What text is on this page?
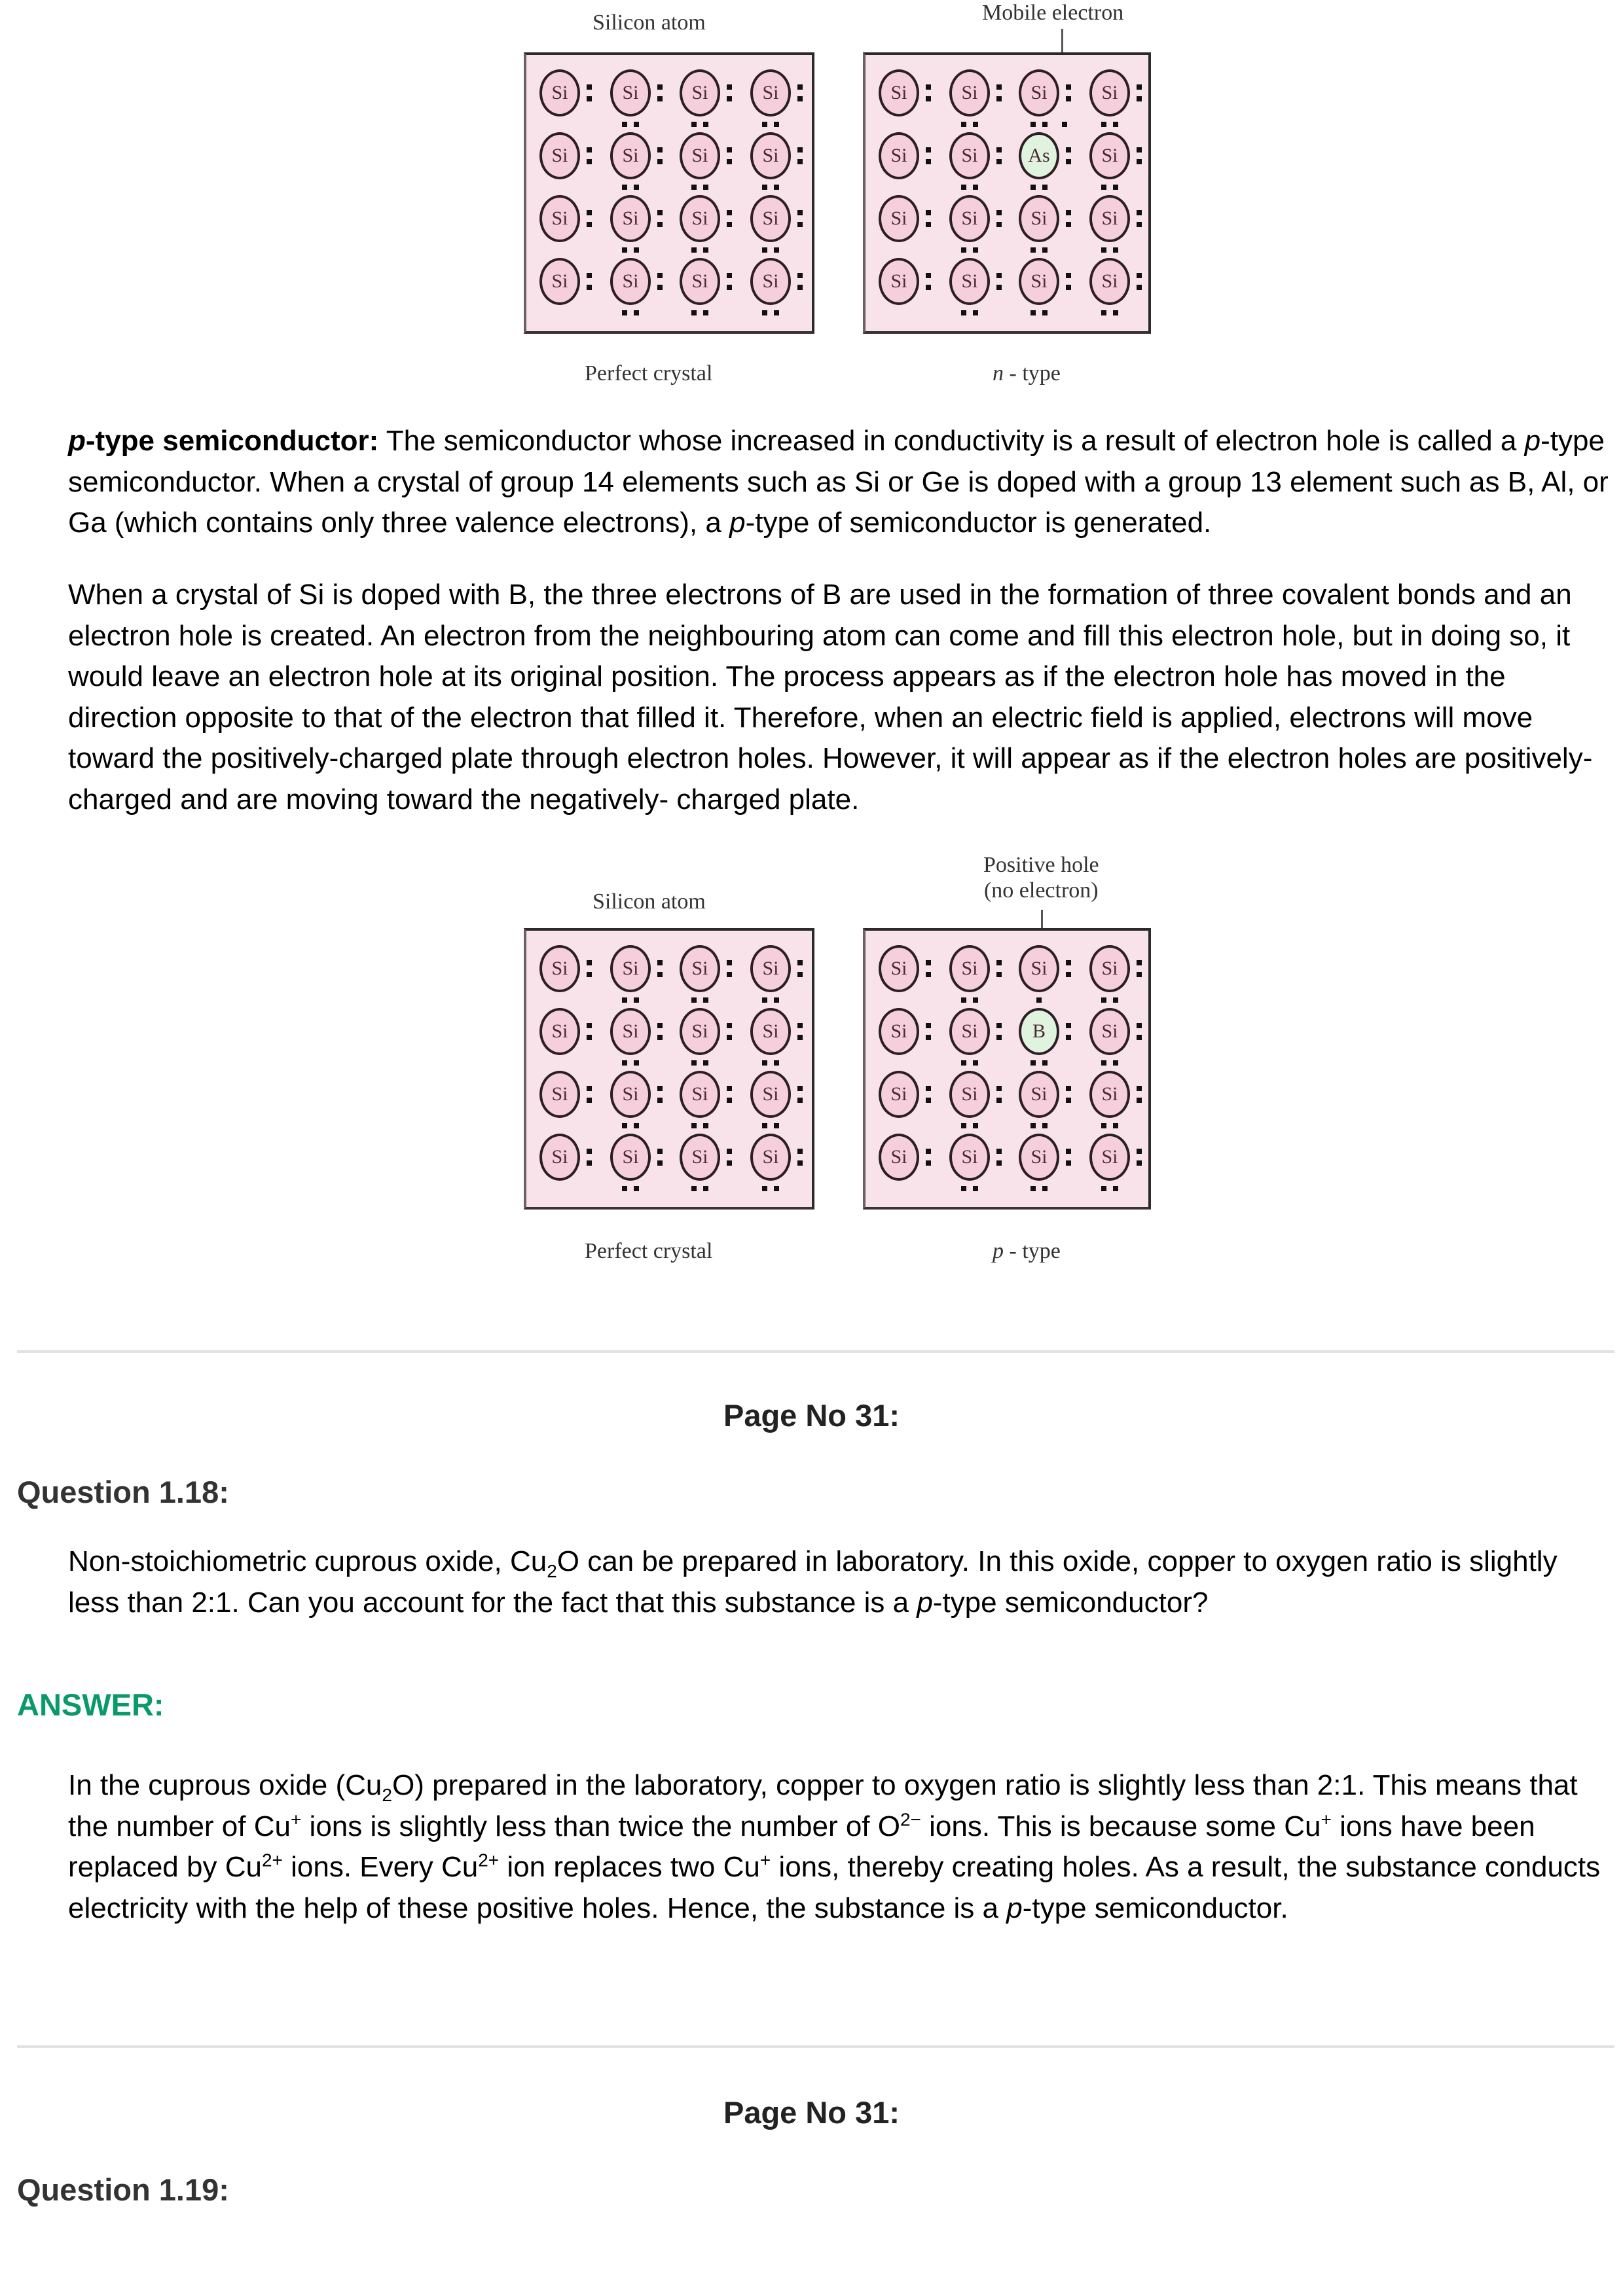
Silicon atom	Mobile electron
Si	Si	Si	Si
Si	Si	Si	Si
Si	Si	Si	Si
Si	Si	Si	Si
Si	Si	Si	Si
Si	Si	As	Si
Si	Si	Si	Si
Si	Si	Si	Si
Perfect crystal	n - type
p-type semiconductor: The semiconductor whose increased in conductivity is a result of electron hole is called a p-type semiconductor. When a crystal of group 14 elements such as Si or Ge is doped with a group 13 element such as B, Al, or Ga (which contains only three valence electrons), a p-type of semiconductor is generated.
When a crystal of Si is doped with B, the three electrons of B are used in the formation of three covalent bonds and an electron hole is created. An electron from the neighbouring atom can come and fill this electron hole, but in doing so, it would leave an electron hole at its original position. The process appears as if the electron hole has moved in the direction opposite to that of the electron that filled it. Therefore, when an electric field is applied, electrons will move toward the positively-charged plate through electron holes. However, it will appear as if the electron holes are positively-charged and are moving toward the negatively- charged plate.
Silicon atom
Positive hole
(no electron)
Si	Si	Si	Si
Si	Si	Si	Si
Si	Si	Si	Si
Si	Si	Si	Si
Si	Si	Si	Si
Si	Si	B	Si
Si	Si	Si	Si
Si	Si	Si	Si
Perfect crystal	p - type
Page No 31:
Question 1.18:
Non-stoichiometric cuprous oxide, $Cu_2O$ can be prepared in laboratory. In this oxide, copper to oxygen ratio is slightly less than 2:1. Can you account for the fact that this substance is a p-type semiconductor?
ANSWER:
In the cuprous oxide $(Cu_2O)$ prepared in the laboratory, copper to oxygen ratio is slightly less than 2:1. This means that the number of Cu+ ions is slightly less than twice the number of $O^{2-}$ ions. This is because some Cu+ ions have been replaced by $Cu^{2+}$ ions. Every $Cu^{2+}$ ion replaces two Cu+ ions, thereby creating holes. As a result, the substance conducts electricity with the help of these positive holes. Hence, the substance is a p-type semiconductor.
Page No 31:
Question 1.19:
